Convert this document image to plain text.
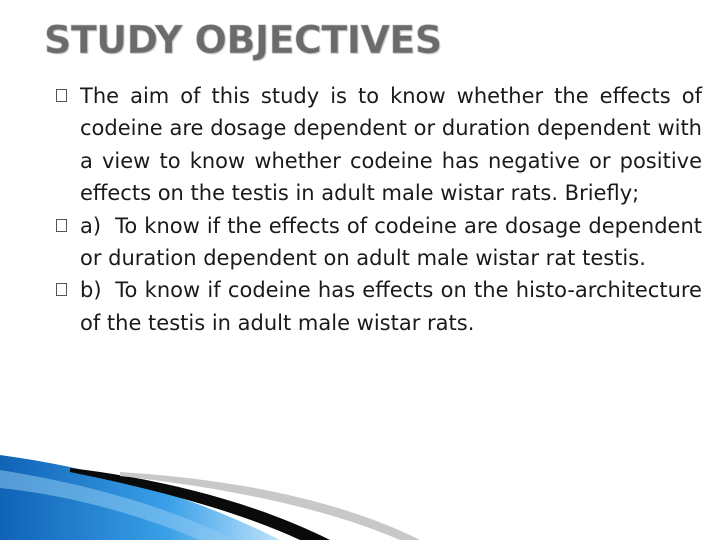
STUDY OBJECTIVES

The aim of this study is to know whether the effects of codeine are dosage dependent or duration dependent with a view to know whether codeine has negative or positive effects on the testis in adult male wistar rats. Briefly;

a) To know if the effects of codeine are dosage dependent or duration dependent on adult male wistar rat testis.

b) To know if codeine has effects on the histo-architecture of the testis in adult male wistar rats.
